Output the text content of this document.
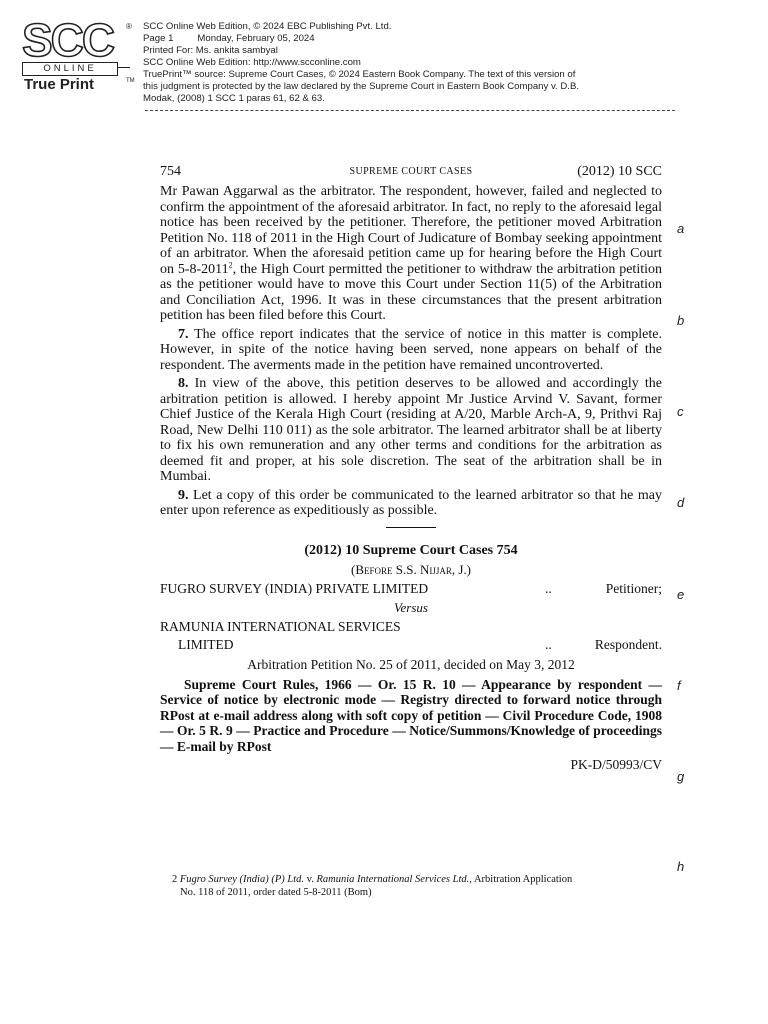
SCC	®
ONLINE
True Print	TM
SCC Online Web Edition, © 2024 EBC Publishing Pvt. Ltd.
Page 1	Monday, February 05, 2024
Printed For: Ms. ankita sambyal
SCC Online Web Edition: http://www.scconline.com
TruePrint™ source: Supreme Court Cases, © 2024 Eastern Book Company. The text of this version of
this judgment is protected by the law declared by the Supreme Court in Eastern Book Company v. D.B.
Modak, (2008) 1 SCC 1 paras 61, 62 & 63.
754	SUPREME COURT CASES	(2012) 10 SCC

Mr Pawan Aggarwal as the arbitrator. The respondent, however, failed and neglected to confirm the appointment of the aforesaid arbitrator. In fact, no reply to the aforesaid legal notice has been received by the petitioner. Therefore, the petitioner moved Arbitration Petition No. 118 of 2011 in the High Court of Judicature of Bombay seeking appointment of an arbitrator. When the aforesaid petition came up for hearing before the High Court on 5-8-2011$^2$, the High Court permitted the petitioner to withdraw the arbitration petition as the petitioner would have to move this Court under Section 11(5) of the Arbitration and Conciliation Act, 1996. It was in these circumstances that the present arbitration petition has been filed before this Court.

7. The office report indicates that the service of notice in this matter is complete. However, in spite of the notice having been served, none appears on behalf of the respondent. The averments made in the petition have remained uncontroverted.

8. In view of the above, this petition deserves to be allowed and accordingly the arbitration petition is allowed. I hereby appoint Mr Justice Arvind V. Savant, former Chief Justice of the Kerala High Court (residing at A/20, Marble Arch-A, 9, Prithvi Raj Road, New Delhi 110 011) as the sole arbitrator. The learned arbitrator shall be at liberty to fix his own remuneration and any other terms and conditions for the arbitration as deemed fit and proper, at his sole discretion. The seat of the arbitration shall be in Mumbai.

9. Let a copy of this order be communicated to the learned arbitrator so that he may enter upon reference as expeditiously as possible.

(2012) 10 Supreme Court Cases 754
(Before S.S. Nijjar, J.)
FUGRO SURVEY (INDIA) PRIVATE LIMITED	..	Petitioner;
Versus
RAMUNIA INTERNATIONAL SERVICES
LIMITED	..	Respondent.
Arbitration Petition No. 25 of 2011, decided on May 3, 2012

Supreme Court Rules, 1966 — Or. 15 R. 10 — Appearance by respondent — Service of notice by electronic mode — Registry directed to forward notice through RPost at e-mail address along with soft copy of petition — Civil Procedure Code, 1908 — Or. 5 R. 9 — Practice and Procedure — Notice/Summons/Knowledge of proceedings — E-mail by RPost

PK-D/50993/CV
2 Fugro Survey (India) (P) Ltd. v. Ramunia International Services Ltd., Arbitration Application
No. 118 of 2011, order dated 5-8-2011 (Bom)
a
b
c
d
e
f
g
h
